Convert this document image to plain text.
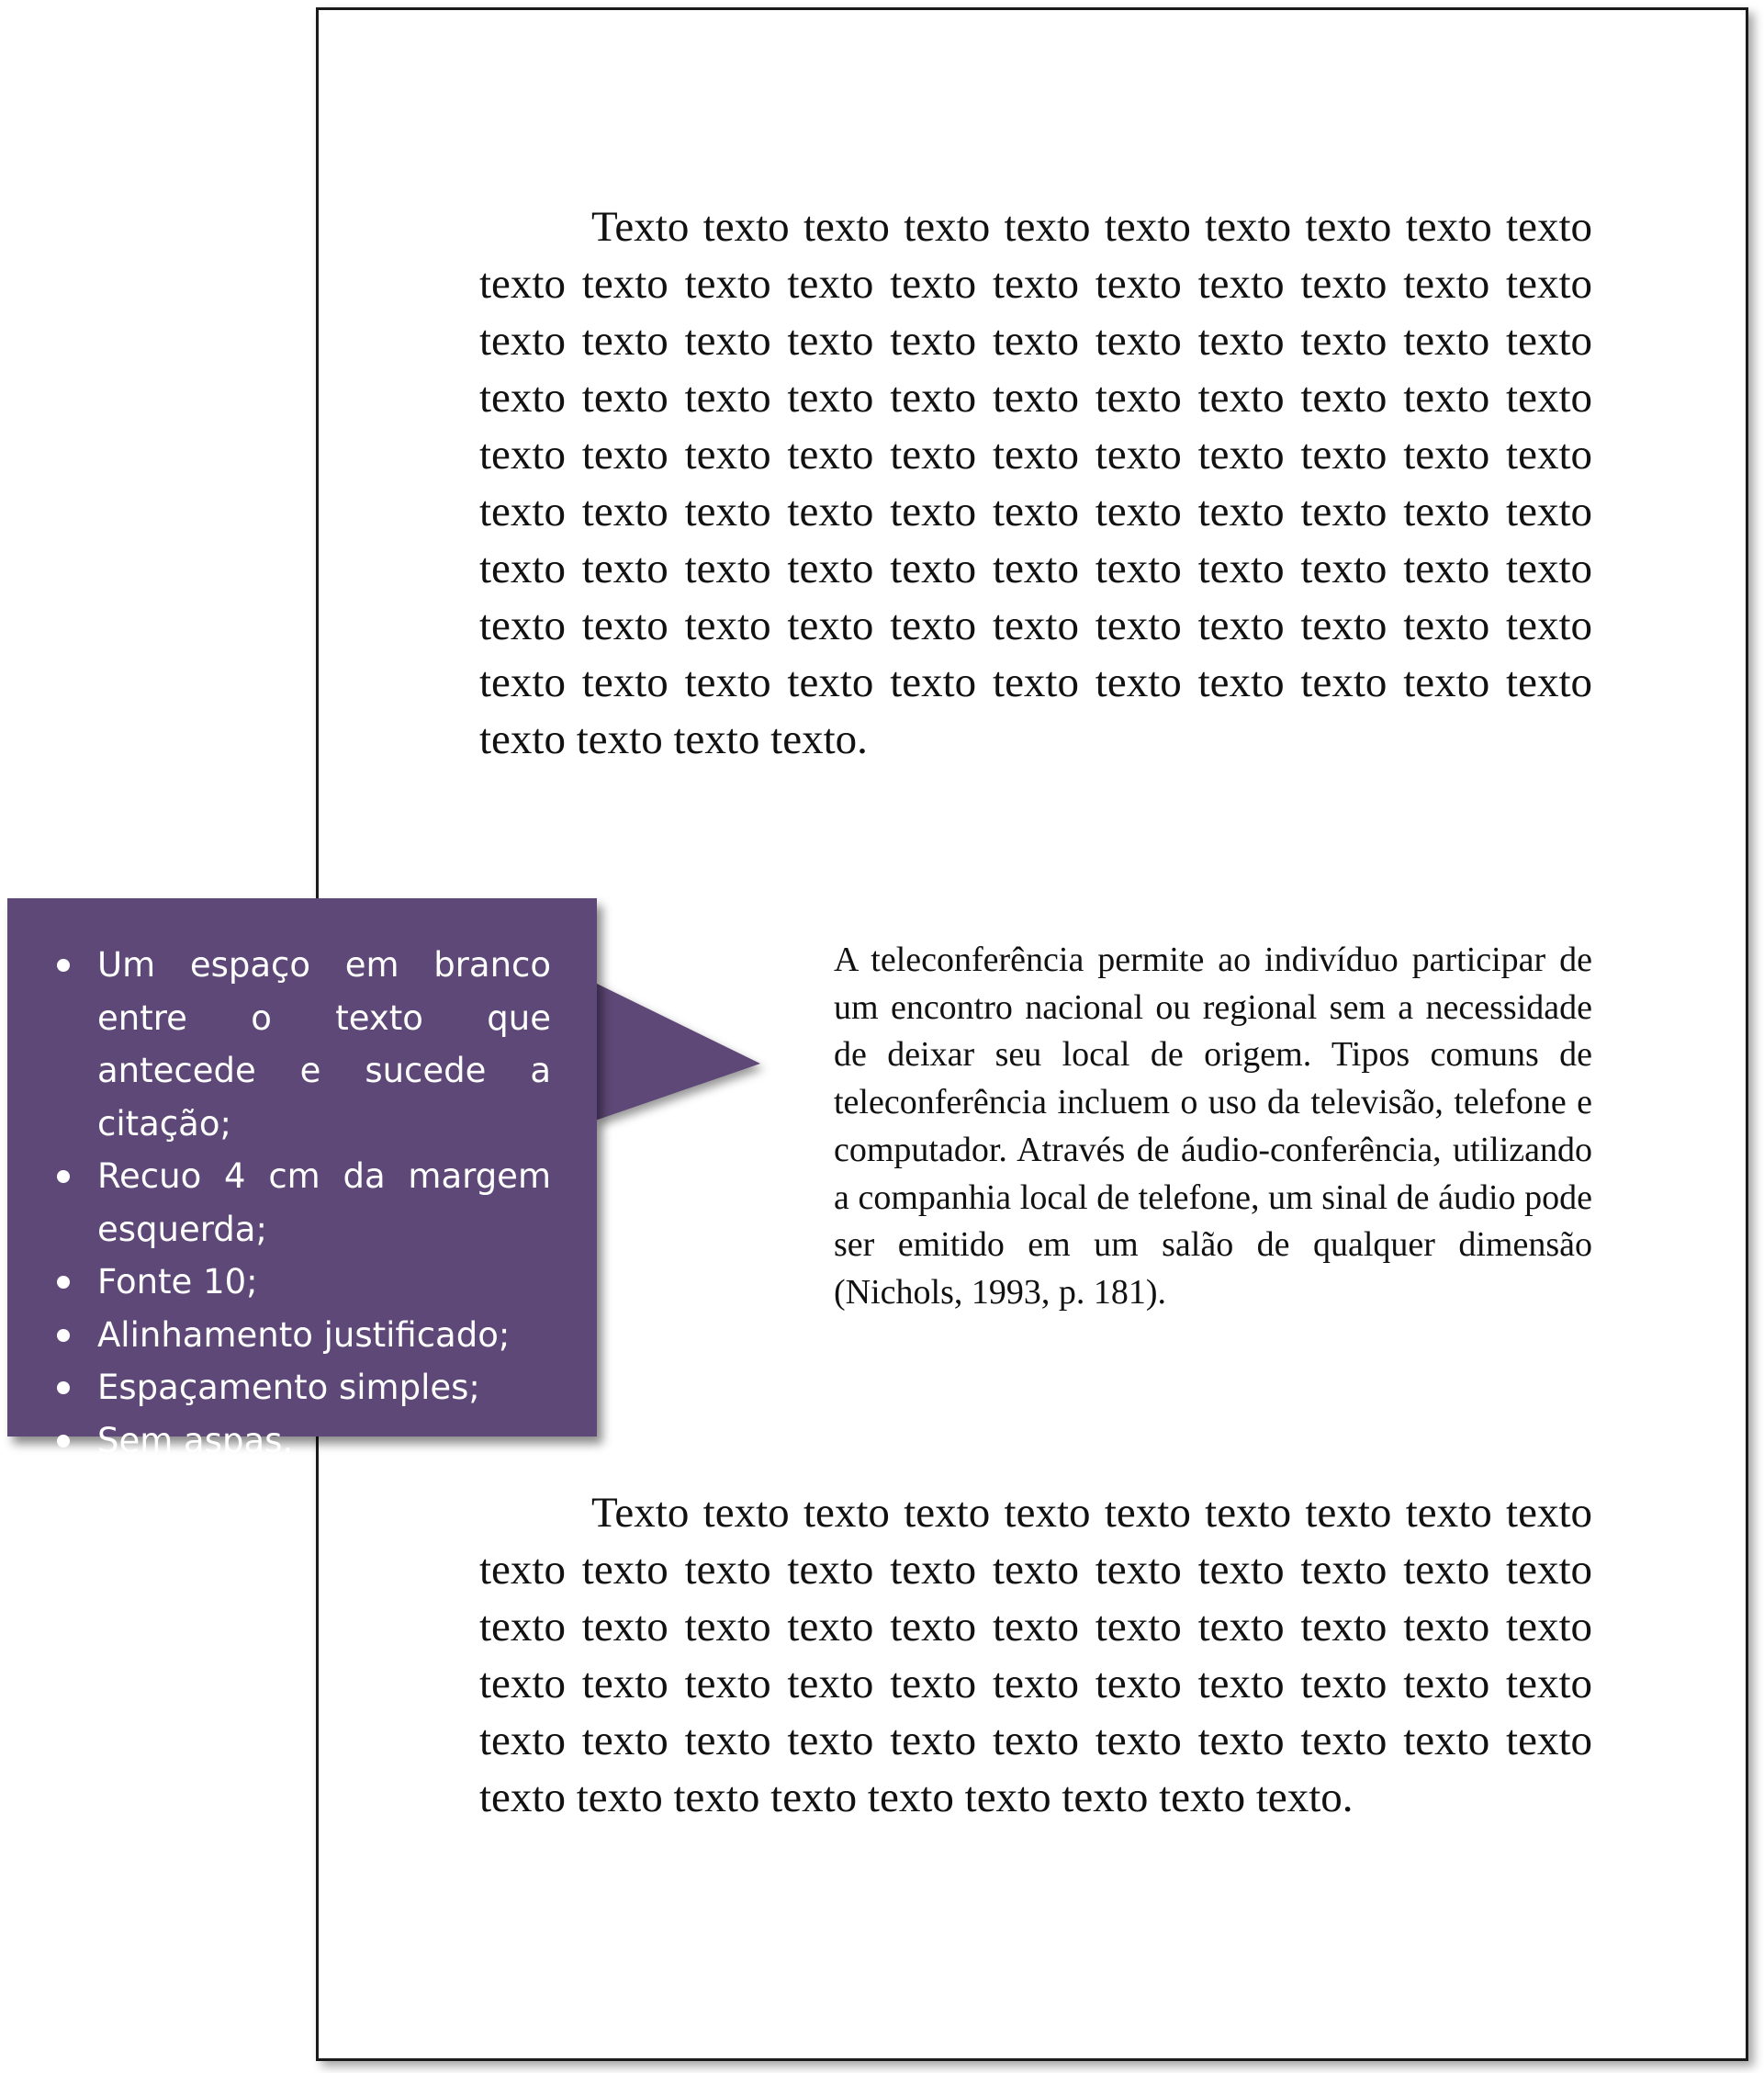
Texto texto texto texto texto texto texto texto texto texto texto texto texto texto texto texto texto texto texto texto texto texto texto texto texto texto texto texto texto texto texto texto texto texto texto texto texto texto texto texto texto texto texto texto texto texto texto texto texto texto texto texto texto texto texto texto texto texto texto texto texto texto texto texto texto texto texto texto texto texto texto texto texto texto texto texto texto texto texto texto texto texto texto texto texto texto texto texto texto texto texto texto texto texto texto texto texto texto texto texto texto texto.

A teleconferência permite ao indivíduo participar de um encontro nacional ou regional sem a necessidade de deixar seu local de origem. Tipos comuns de teleconferência incluem o uso da televisão, telefone e computador. Através de áudio-conferência, utilizando a companhia local de telefone, um sinal de áudio pode ser emitido em um salão de qualquer dimensão (Nichols, 1993, p. 181).

Texto texto texto texto texto texto texto texto texto texto texto texto texto texto texto texto texto texto texto texto texto texto texto texto texto texto texto texto texto texto texto texto texto texto texto texto texto texto texto texto texto texto texto texto texto texto texto texto texto texto texto texto texto texto texto texto texto texto texto texto texto texto texto.

Um espaço em branco entre o texto que antecede e sucede a citação;
Recuo 4 cm da margem esquerda;
Fonte 10;
Alinhamento justificado;
Espaçamento simples;
Sem aspas.
